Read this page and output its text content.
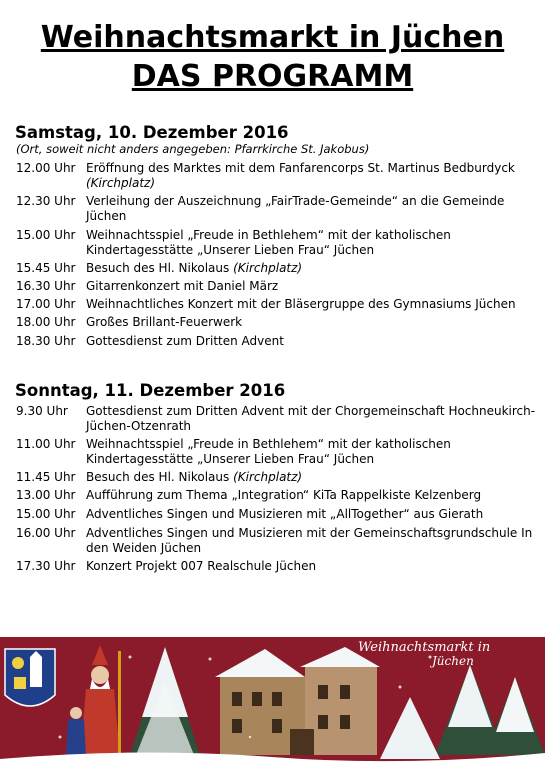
Weihnachtsmarkt in Jüchen
DAS PROGRAMM
Samstag, 10. Dezember 2016
(Ort, soweit nicht anders angegeben: Pfarrkirche St. Jakobus)
12.00 Uhr Eröffnung des Marktes mit dem Fanfarencorps St. Martinus Bedburdyck (Kirchplatz)
12.30 Uhr Verleihung der Auszeichnung „FairTrade-Gemeinde“ an die Gemeinde Jüchen
15.00 Uhr Weihnachtsspiel „Freude in Bethlehem“ mit der katholischen Kindertagesstätte „Unserer Lieben Frau“ Jüchen
15.45 Uhr Besuch des Hl. Nikolaus (Kirchplatz)
16.30 Uhr Gitarrenkonzert mit Daniel März
17.00 Uhr Weihnachtliches Konzert mit der Bläsergruppe des Gymnasiums Jüchen
18.00 Uhr Großes Brillant-Feuerwerk
18.30 Uhr Gottesdienst zum Dritten Advent
Sonntag, 11. Dezember 2016
9.30 Uhr	Gottesdienst zum Dritten Advent mit der Chorgemeinschaft Hochneukirch-Jüchen-Otzenrath
11.00 Uhr Weihnachtsspiel „Freude in Bethlehem“ mit der katholischen Kindertagesstätte „Unserer Lieben Frau“ Jüchen
11.45 Uhr Besuch des Hl. Nikolaus (Kirchplatz)
13.00 Uhr Aufführung zum Thema „Integration“ KiTa Rappelkiste Kelzenberg
15.00 Uhr Adventliches Singen und Musizieren mit „AllTogether“ aus Gierath
16.00 Uhr Adventliches Singen und Musizieren mit der Gemeinschaftsgrundschule In den Weiden Jüchen
17.30 Uhr Konzert Projekt 007 Realschule Jüchen
Weihnachtsmarkt in
Jüchen
